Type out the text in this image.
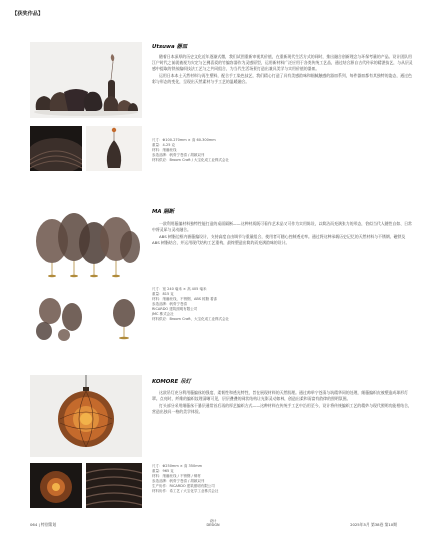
【获奖作品】
Utsuwa 器皿

随着日本深厚的历史文化近年逐渐式微，我们试图重新审视其价值，在重新现代生活方式的同时，推出融合创新理念与环保考量的产品。设计团队用江户时代之前就被视为灾定与乞佛喜爱的竹编容器作为灵感原型，运用新材料广泛应用于各类传统工艺品，通过结合源自古代传承的精湛技艺，与从层灵感中提取的铁丝编织技法工艺与之共同组合，为当代生活场景打造出兼具美学与实用价值的器皿。

运用日本本土天然材料与再生塑料，配合手工染色技艺，我们精心打造了具有美感韵味和细腻触感的器皿系列，每件器皿都有其独特的姿态，通过色彩与形态的变化，呈现出天然素材与手工艺的温暖融合。

尺寸：Φ100-270mm × 高 60-300mm
重量：4-25 克
材料：细藤丝线
参造品牌：帆骨宁苍清 / 胡颖双刊
材料供应：Broom Craft / 大宝化成工业株式会社
MA 隔断

一款利用藤编材料独特性能打造的桌面隔断——这种材质既可看作艺术品又可作为实用陈设，以简洁而充满张力的形态，恰似当代人随性自如、日常中将灵犀与灵动融合。

ABS 树脂边框内嵌藤编设计，支持高度自由调节与重量组合，使用者可随心控制透光率。通过将这种承载历史记忆的天然材料与不锈钢、磁铁及 ABS 树脂结合，并运用现代结构工艺重构，最终塑造出简约而充满韵味的设计。

尺寸：宽 240 毫米 × 高 405 毫米
重量：815 克
材料：细藤丝线，不锈钢，ABS 树脂 着漆
参造品牌：帆骨宁苍清
RICARDO 建筑照明有限公司
JMC 株式会社
材料供应：Broom Craft、大宝化成工业株式会社
KOMORE 吊灯

这款吊灯充分利用藤编丝的强度、柔韧性和透光特性，旨在展现材料的天然肌理。通过帅举宁苍清与筑精华同的处理，细藤编织皮被塑造成球形灯罩。点亮时，纤维的编织纹理清晰可见，层层叠叠的网状结构让光影灵动如林，创造出柔和而富有韵律的照明氛围。

打头部分采用细藤丝干暴层通常首后再的厚艺编织方式——这种材料在传统手工艺中沿用至今，设计将传统编织工艺的精妙与现代照明功能相结合，营造出独具一格的美学体验。

尺寸：Φ250mm × 高 350mm
重量：965 克
材料：细藤丝线 / 不锈钢 / 铜材
参造品牌：帆骨宁苍清 / 胡颖双刊
生产协作：RICARDO 建筑照明有限公司
材料协作：希工艺 / 大宝化学工业株式会社
064 | 特别策划
设计
DESIGN	2025年5月 第38卷 第10期
